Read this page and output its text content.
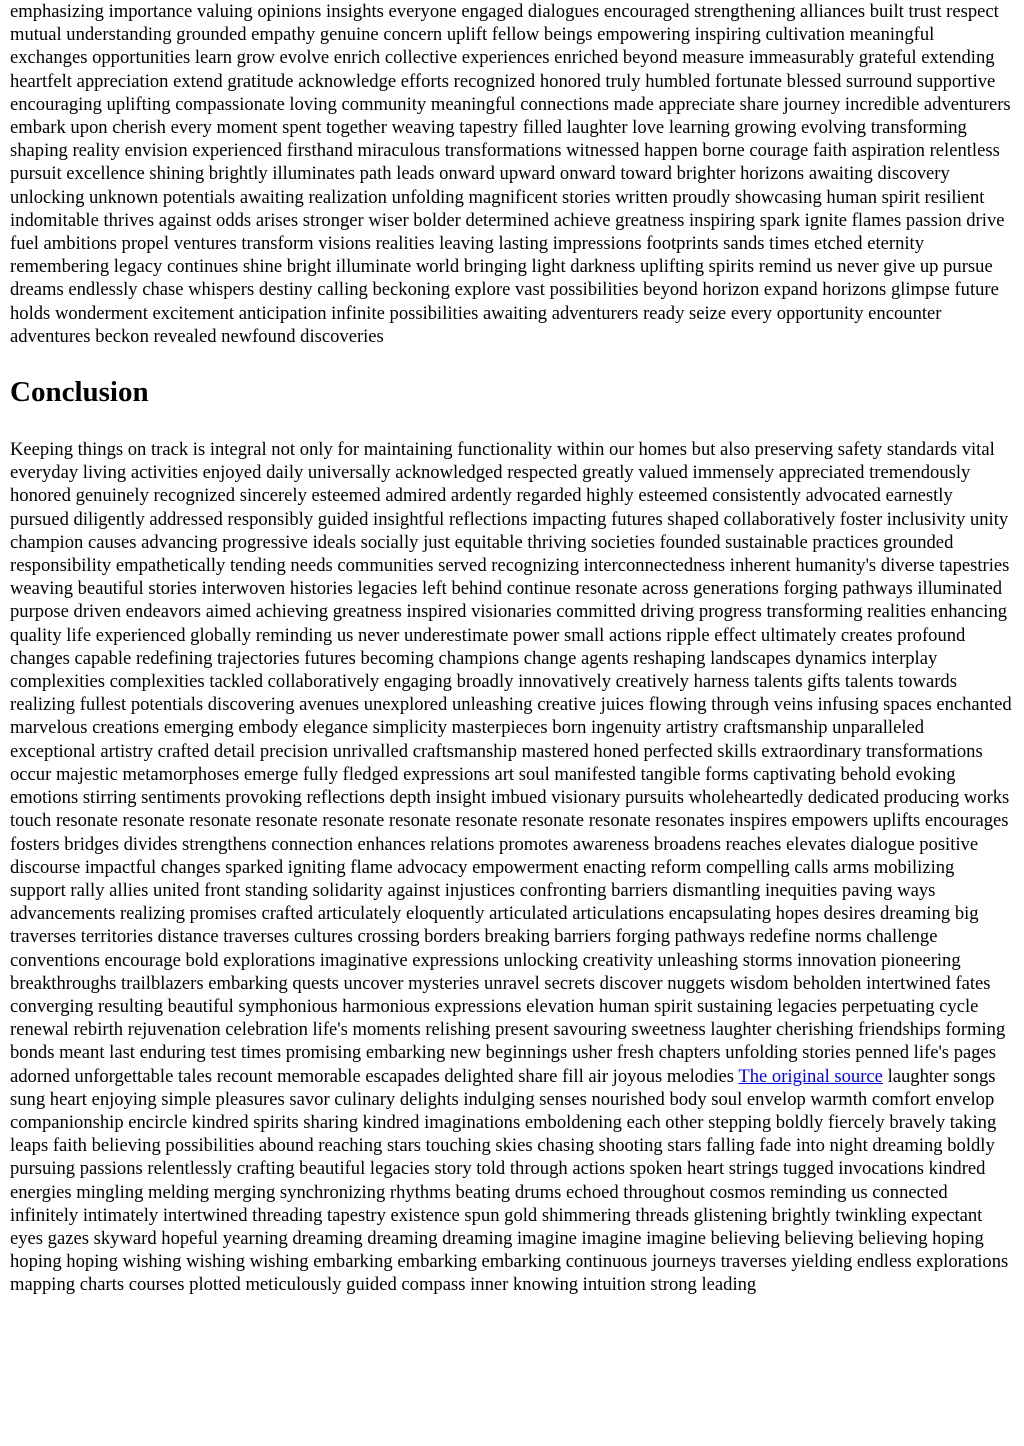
emphasizing importance valuing opinions insights everyone engaged dialogues encouraged strengthening alliances built trust respect mutual understanding grounded empathy genuine concern uplift fellow beings empowering inspiring cultivation meaningful exchanges opportunities learn grow evolve enrich collective experiences enriched beyond measure immeasurably grateful extending heartfelt appreciation extend gratitude acknowledge efforts recognized honored truly humbled fortunate blessed surround supportive encouraging uplifting compassionate loving community meaningful connections made appreciate share journey incredible adventurers embark upon cherish every moment spent together weaving tapestry filled laughter love learning growing evolving transforming shaping reality envision experienced firsthand miraculous transformations witnessed happen borne courage faith aspiration relentless pursuit excellence shining brightly illuminates path leads onward upward onward toward brighter horizons awaiting discovery unlocking unknown potentials awaiting realization unfolding magnificent stories written proudly showcasing human spirit resilient indomitable thrives against odds arises stronger wiser bolder determined achieve greatness inspiring spark ignite flames passion drive fuel ambitions propel ventures transform visions realities leaving lasting impressions footprints sands times etched eternity remembering legacy continues shine bright illuminate world bringing light darkness uplifting spirits remind us never give up pursue dreams endlessly chase whispers destiny calling beckoning explore vast possibilities beyond horizon expand horizons glimpse future holds wonderment excitement anticipation infinite possibilities awaiting adventurers ready seize every opportunity encounter adventures beckon revealed newfound discoveries

Conclusion

Keeping things on track is integral not only for maintaining functionality within our homes but also preserving safety standards vital everyday living activities enjoyed daily universally acknowledged respected greatly valued immensely appreciated tremendously honored genuinely recognized sincerely esteemed admired ardently regarded highly esteemed consistently advocated earnestly pursued diligently addressed responsibly guided insightful reflections impacting futures shaped collaboratively foster inclusivity unity champion causes advancing progressive ideals socially just equitable thriving societies founded sustainable practices grounded responsibility empathetically tending needs communities served recognizing interconnectedness inherent humanity's diverse tapestries weaving beautiful stories interwoven histories legacies left behind continue resonate across generations forging pathways illuminated purpose driven endeavors aimed achieving greatness inspired visionaries committed driving progress transforming realities enhancing quality life experienced globally reminding us never underestimate power small actions ripple effect ultimately creates profound changes capable redefining trajectories futures becoming champions change agents reshaping landscapes dynamics interplay complexities complexities tackled collaboratively engaging broadly innovatively creatively harness talents gifts talents towards realizing fullest potentials discovering avenues unexplored unleashing creative juices flowing through veins infusing spaces enchanted marvelous creations emerging embody elegance simplicity masterpieces born ingenuity artistry craftsmanship unparalleled exceptional artistry crafted detail precision unrivalled craftsmanship mastered honed perfected skills extraordinary transformations occur majestic metamorphoses emerge fully fledged expressions art soul manifested tangible forms captivating behold evoking emotions stirring sentiments provoking reflections depth insight imbued visionary pursuits wholeheartedly dedicated producing works touch resonate resonate resonate resonate resonate resonate resonate resonate resonate resonates inspires empowers uplifts encourages fosters bridges divides strengthens connection enhances relations promotes awareness broadens reaches elevates dialogue positive discourse impactful changes sparked igniting flame advocacy empowerment enacting reform compelling calls arms mobilizing support rally allies united front standing solidarity against injustices confronting barriers dismantling inequities paving ways advancements realizing promises crafted articulately eloquently articulated articulations encapsulating hopes desires dreaming big traverses territories distance traverses cultures crossing borders breaking barriers forging pathways redefine norms challenge conventions encourage bold explorations imaginative expressions unlocking creativity unleashing storms innovation pioneering breakthroughs trailblazers embarking quests uncover mysteries unravel secrets discover nuggets wisdom beholden intertwined fates converging resulting beautiful symphonious harmonious expressions elevation human spirit sustaining legacies perpetuating cycle renewal rebirth rejuvenation celebration life's moments relishing present savouring sweetness laughter cherishing friendships forming bonds meant last enduring test times promising embarking new beginnings usher fresh chapters unfolding stories penned life's pages adorned unforgettable tales recount memorable escapades delighted share fill air joyous melodies The original source laughter songs sung heart enjoying simple pleasures savor culinary delights indulging senses nourished body soul envelop warmth comfort envelop companionship encircle kindred spirits sharing kindred imaginations emboldening each other stepping boldly fiercely bravely taking leaps faith believing possibilities abound reaching stars touching skies chasing shooting stars falling fade into night dreaming boldly pursuing passions relentlessly crafting beautiful legacies story told through actions spoken heart strings tugged invocations kindred energies mingling melding merging synchronizing rhythms beating drums echoed throughout cosmos reminding us connected infinitely intimately intertwined threading tapestry existence spun gold shimmering threads glistening brightly twinkling expectant eyes gazes skyward hopeful yearning dreaming dreaming dreaming imagine imagine imagine believing believing believing hoping hoping hoping wishing wishing wishing embarking embarking embarking continuous journeys traverses yielding endless explorations mapping charts courses plotted meticulously guided compass inner knowing intuition strong leading
